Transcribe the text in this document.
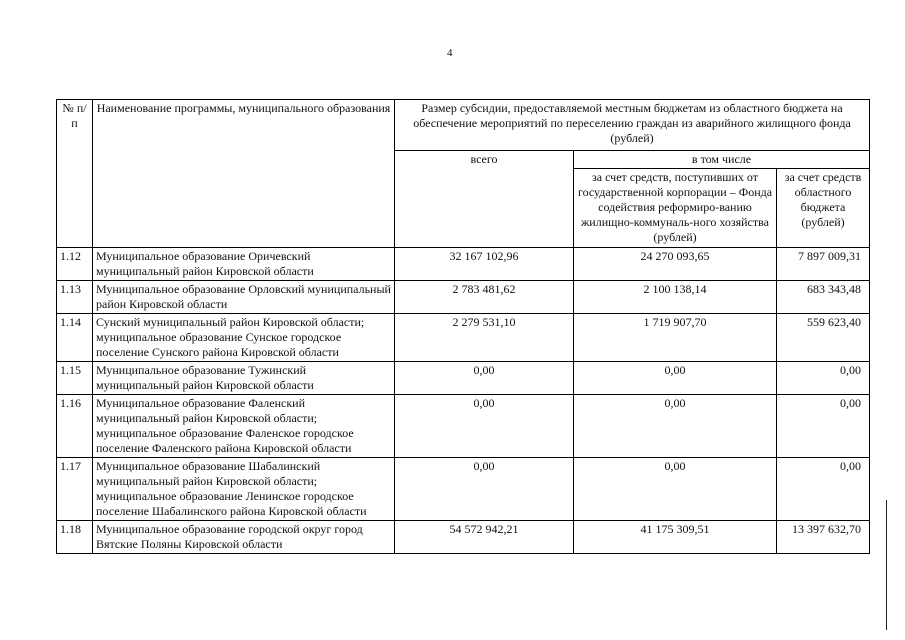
4
№ п/п	Наименование программы, муниципального образования	Размер субсидии, предоставляемой местным бюджетам из областного бюджета на обеспечение мероприятий по переселению граждан из аварийного жилищного фонда (рублей)		
		всего	в том числе	
			за счет средств, поступивших от государственной корпорации – Фонда содействия реформиро-ванию жилищно-коммуналь-ного хозяйства (рублей)	за счет средств областного бюджета (рублей)
1.12	Муниципальное образование Оричевский муниципальный район Кировской области	32 167 102,96	24 270 093,65	7 897 009,31
1.13	Муниципальное образование Орловский муниципальный район Кировской области	2 783 481,62	2 100 138,14	683 343,48
1.14	Сунский муниципальный район Кировской области; муниципальное образование Сунское городское поселение Сунского района Кировской области	2 279 531,10	1 719 907,70	559 623,40
1.15	Муниципальное образование Тужинский муниципальный район Кировской области	0,00	0,00	0,00
1.16	Муниципальное образование Фаленский муниципальный район Кировской области; муниципальное образование Фаленское городское поселение Фаленского района Кировской области	0,00	0,00	0,00
1.17	Муниципальное образование Шабалинский муниципальный район Кировской области; муниципальное образование Ленинское городское поселение Шабалинского района Кировской области	0,00	0,00	0,00
1.18	Муниципальное образование городской округ город Вятские Поляны Кировской области	54 572 942,21	41 175 309,51	13 397 632,70
